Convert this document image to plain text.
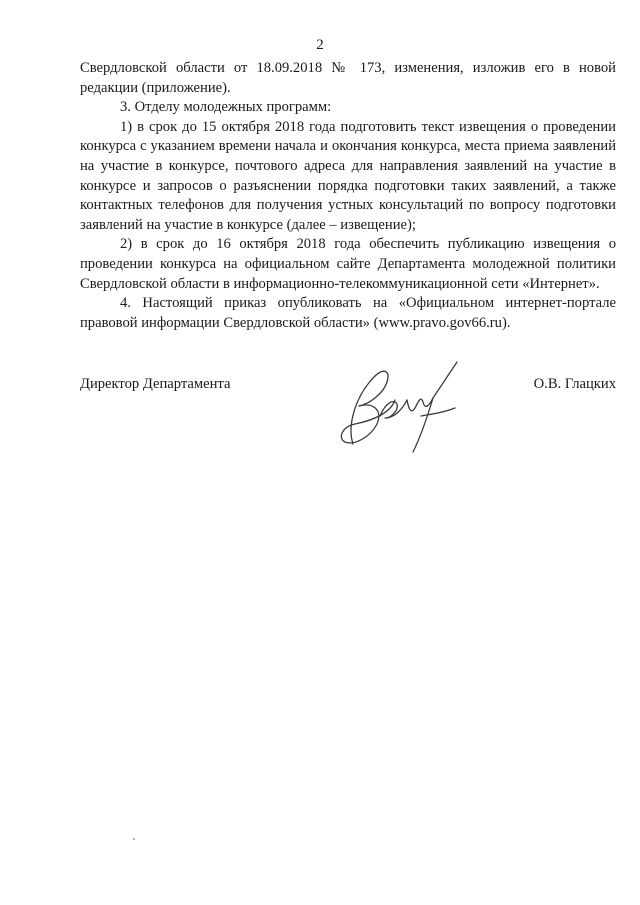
2

Свердловской области от 18.09.2018 № 173, изменения, изложив его в новой редакции (приложение).

3. Отделу молодежных программ:

1) в срок до 15 октября 2018 года подготовить текст извещения о проведении конкурса с указанием времени начала и окончания конкурса, места приема заявлений на участие в конкурсе, почтового адреса для направления заявлений на участие в конкурсе и запросов о разъяснении порядка подготовки таких заявлений, а также контактных телефонов для получения устных консультаций по вопросу подготовки заявлений на участие в конкурсе (далее – извещение);

2) в срок до 16 октября 2018 года обеспечить публикацию извещения о проведении конкурса на официальном сайте Департамента молодежной политики Свердловской области в информационно-телекоммуникационной сети «Интернет».

4. Настоящий приказ опубликовать на «Официальном интернет-портале правовой информации Свердловской области» (www.pravo.gov66.ru).

Директор Департамента	О.В. Глацких
